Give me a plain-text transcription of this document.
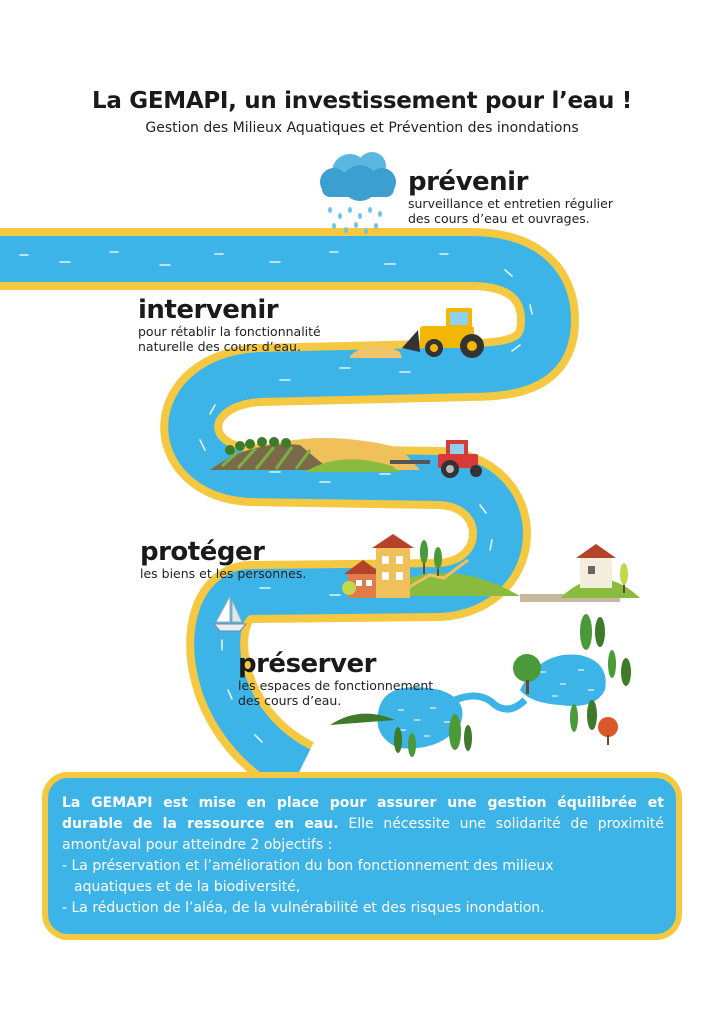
La GEMAPI, un investissement pour l’eau !
Gestion des Milieux Aquatiques et Prévention des inondations
prévenir
surveillance et entretien régulier
des cours d’eau et ouvrages.
intervenir
pour rétablir la fonctionnalité
naturelle des cours d’eau.
protéger
les biens et les personnes.
préserver
les espaces de fonctionnement
des cours d’eau.
La GEMAPI est mise en place pour assurer une gestion équilibrée et durable de la ressource en eau. Elle nécessite une solidarité de proximité amont/aval pour atteindre 2 objectifs :
- La préservation et l’amélioration du bon fonctionnement des milieux
aquatiques et de la biodiversité,
- La réduction de l’aléa, de la vulnérabilité et des risques inondation.
